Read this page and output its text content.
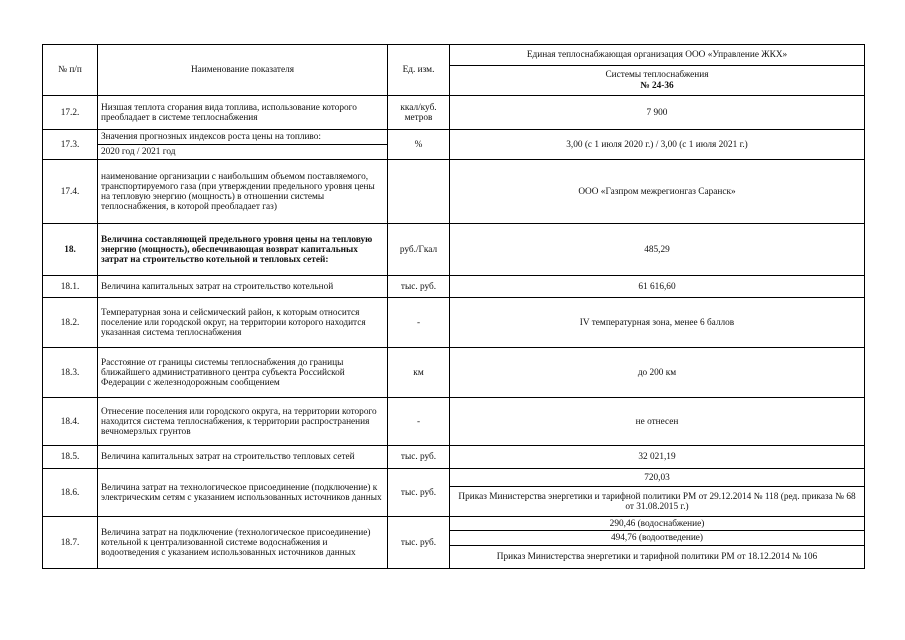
№ п/п	Наименование показателя	Ед. изм.	Единая теплоснабжающая организация ООО «Управление ЖКХ»

			Системы теплоснабжения
№ 24-36

17.2.	Низшая теплота сгорания вида топлива, использование которого преобладает в системе теплоснабжения	ккал/куб. метров	7 900
17.3.	Значения прогнозных индексов роста цены на топливо:	%	3,00 (с 1 июля 2020 г.) / 3,00 (с 1 июля 2021 г.)
	2020 год / 2021 год		
17.4.	наименование организации с наибольшим объемом поставляемого, транспортируемого газа (при утверждении предельного уровня цены на тепловую энергию (мощность) в отношении системы теплоснабжения, в которой преобладает газ)		ООО «Газпром межрегионгаз Саранск»
18.	Величина составляющей предельного уровня цены на тепловую энергию (мощность), обеспечивающая возврат капитальных затрат на строительство котельной и тепловых сетей:	руб./Гкал	485,29
18.1.	Величина капитальных затрат на строительство котельной	тыс. руб.	61 616,60
18.2.	Температурная зона и сейсмический район, к которым относится поселение или городской округ, на территории которого находится указанная система теплоснабжения	-	IV температурная зона, менее 6 баллов
18.3.	Расстояние от границы системы теплоснабжения до границы ближайшего административного центра субъекта Российской Федерации с железнодорожным сообщением	км	до 200 км
18.4.	Отнесение поселения или городского округа, на территории которого находится система теплоснабжения, к территории распространения вечномерзлых грунтов	-	не отнесен
18.5.	Величина капитальных затрат на строительство тепловых сетей	тыс. руб.	32 021,19
18.6.	Величина затрат на технологическое присоединение (подключение) к электрическим сетям с указанием использованных источников данных	тыс. руб.	720,03
			Приказ Министерства энергетики и тарифной политики РМ от 29.12.2014 № 118 (ред. приказа № 68 от 31.08.2015 г.)
18.7.	Величина затрат на подключение (технологическое присоединение) котельной к централизованной системе водоснабжения и водоотведения с указанием использованных источников данных	тыс. руб.	290,46 (водоснабжение)
			494,76 (водоотведение)
			Приказ Министерства энергетики и тарифной политики РМ от 18.12.2014 № 106
